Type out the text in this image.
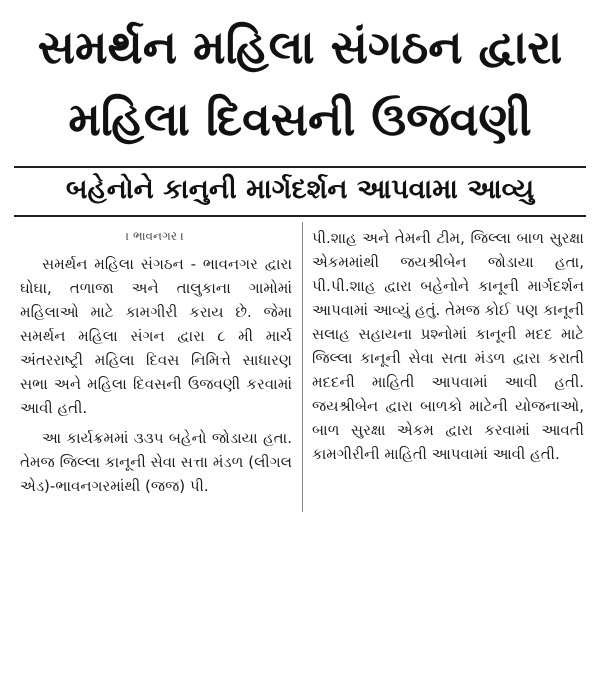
સમર્થન મહિલા સંગઠન દ્વારા
મહિલા દિવસની ઉજવણી
બહેનોને કાનુની માર્ગદર્શન આપવામા આવ્યુ
। ભાવનગર ।

સમર્થન મહિલા સંગઠન - ભાવનગર દ્વારા ઘોઘા, તળાજા અને તાલુકાના ગામોમાં મહિલાઓ માટે કામગીરી કરાય છે. જેમા સમર્થન મહિલા સંગન દ્વારા ૮ મી માર્ચ અંતરરાષ્ટ્રી મહિલા દિવસ નિમિત્તે સાધારણ સભા અને મહિલા દિવસની ઉજવણી કરવામાં આવી હતી.

આ કાર્યક્રમમાં ૩૩૫ બહેનો જોડાયા હતા. તેમજ જિલ્લા કાનૂની સેવા સત્તા મંડળ (લીગલ એડ)-ભાવનગરમાંથી (જજ) પી.

પી.શાહ અને તેમની ટીમ, જિલ્લા બાળ સુરક્ષા એકમમાંથી જયશ્રીબેન જોડાયા હતા, પી.પી.શાહ દ્વારા બહેનોને કાનૂની માર્ગદર્શન આપવામાં આવ્યું હતું. તેમજ કોઈ પણ કાનૂની સલાહ સહાયના પ્રશ્નોમાં કાનૂની મદદ માટે જિલ્લા કાનૂની સેવા સતા મંડળ દ્વારા કરાતી મદદની માહિતી આપવામાં આવી હતી. જયશ્રીબેન દ્વારા બાળકો માટેની યોજનાઓ, બાળ સુરક્ષા એકમ દ્વારા કરવામાં આવતી કામગીરીની માહિતી આપવામાં આવી હતી.
